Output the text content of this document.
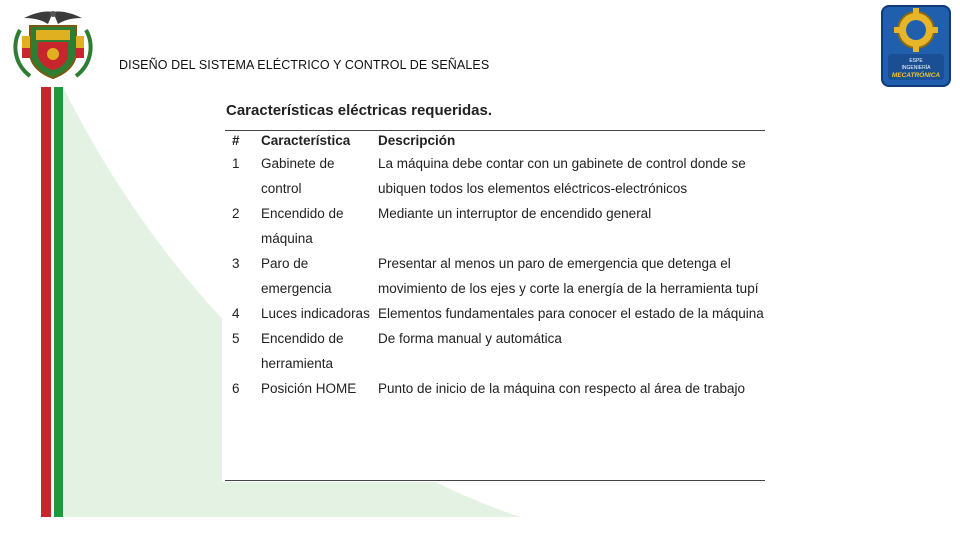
DISEÑO DEL SISTEMA ELÉCTRICO Y CONTROL DE SEÑALES	ESPE
INGENIERÍA
MECATRÓNICA
Características eléctricas requeridas.
#	Característica	Descripción
1	Gabinete de control	La máquina debe contar con un gabinete de control donde se ubiquen todos los elementos eléctricos-electrónicos
2	Encendido de máquina	Mediante un interruptor de encendido general
3	Paro de emergencia	Presentar al menos un paro de emergencia que detenga el movimiento de los ejes y corte la energía de la herramienta tupí
4	Luces indicadoras	Elementos fundamentales para conocer el estado de la máquina
5	Encendido de herramienta	De forma manual y automática
6	Posición HOME	Punto de inicio de la máquina con respecto al área de trabajo
